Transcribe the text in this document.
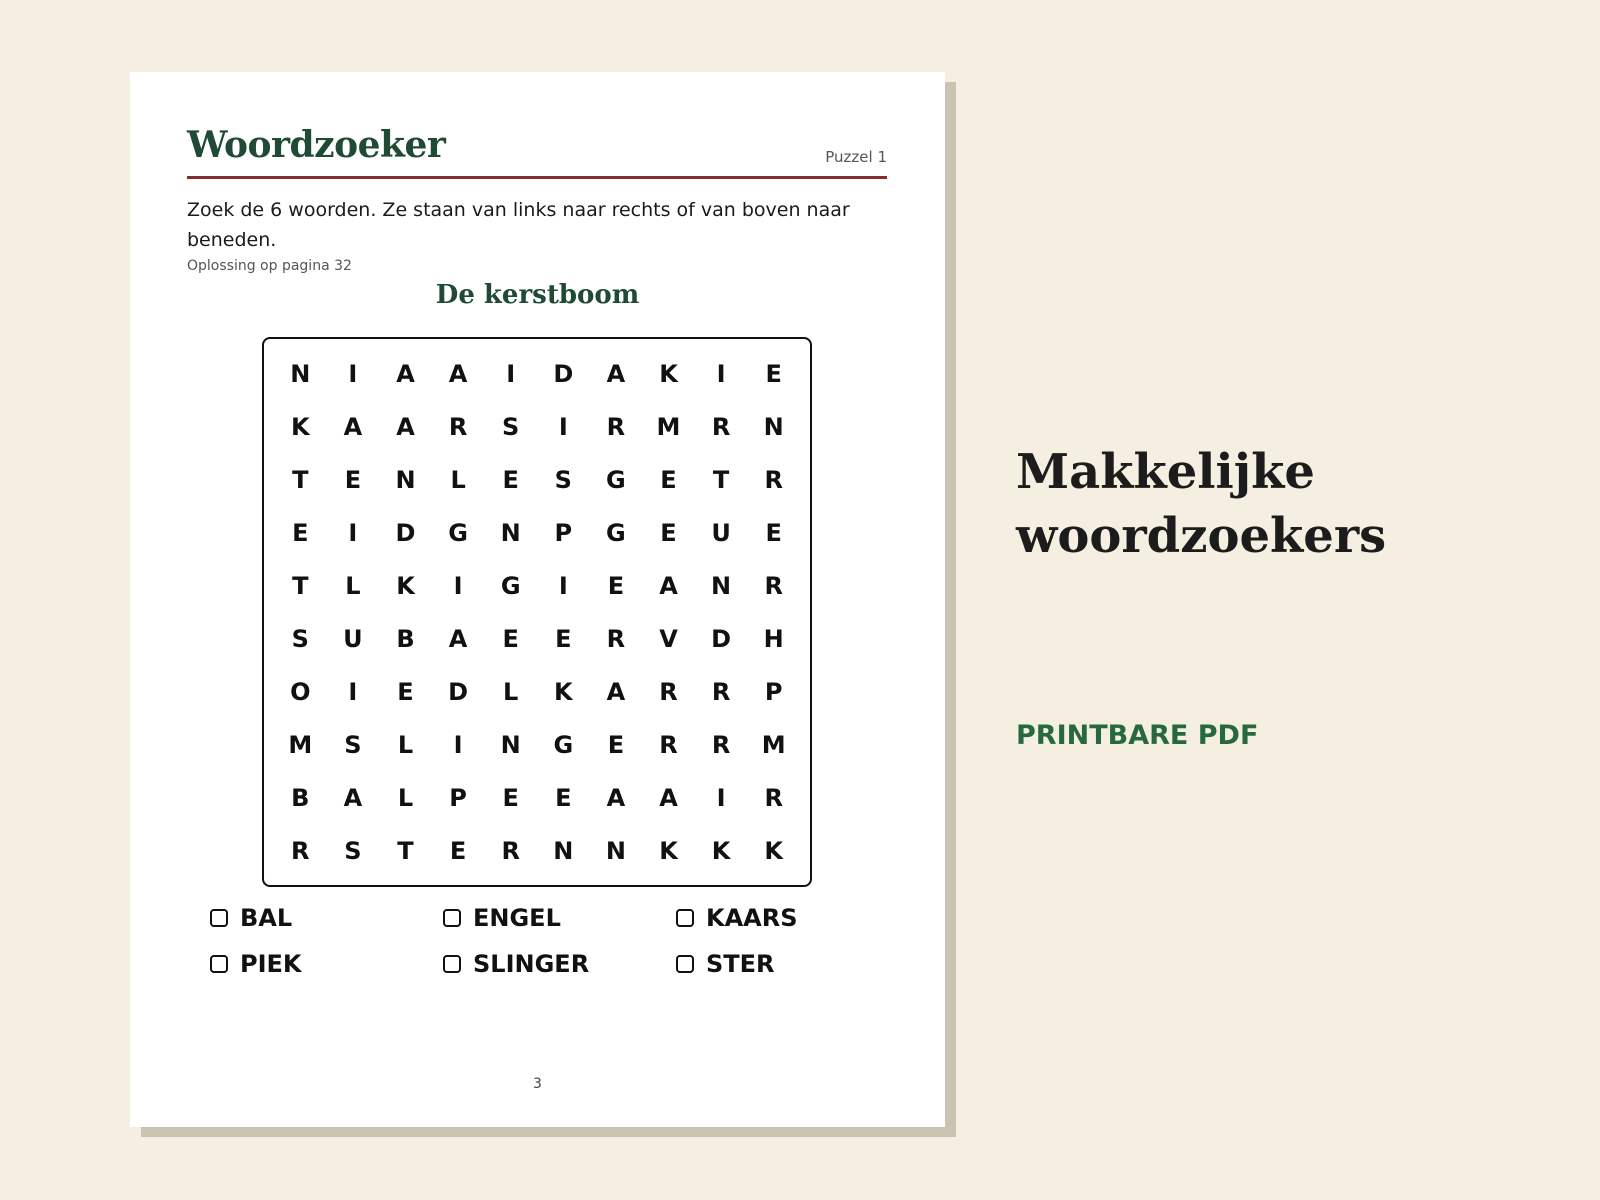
Woordzoeker	Puzzel 1

Zoek de 6 woorden. Ze staan van links naar rechts of van boven naar beneden.

Oplossing op pagina 32
De kerstboom
N	I	A	A	I	D	A	K	I	E
K	A	A	R	S	I	R	M	R	N
T	E	N	L	E	S	G	E	T	R
E	I	D	G	N	P	G	E	U	E
T	L	K	I	G	I	E	A	N	R
S	U	B	A	E	E	R	V	D	H
O	I	E	D	L	K	A	R	R	P
M	S	L	I	N	G	E	R	R	M
B	A	L	P	E	E	A	A	I	R
R	S	T	E	R	N	N	K	K	K
BAL	ENGEL	KAARS
PIEK	SLINGER	STER
3
Makkelijke
woordzoekers
PRINTBARE PDF
